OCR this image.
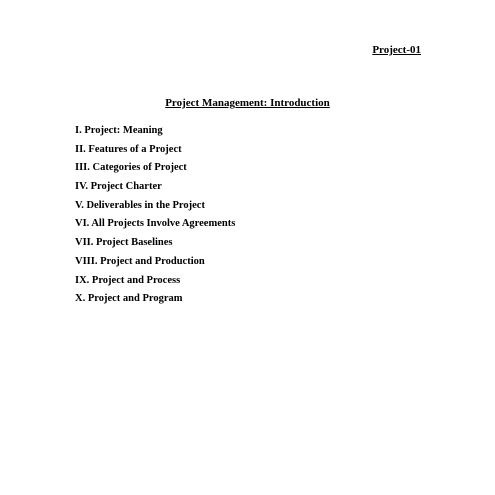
Project-01
Project Management: Introduction
I. Project: Meaning
II. Features of a Project
III. Categories of Project
IV. Project Charter
V. Deliverables in the Project
VI. All Projects Involve Agreements
VII. Project Baselines
VIII. Project and Production
IX. Project and Process
X. Project and Program
